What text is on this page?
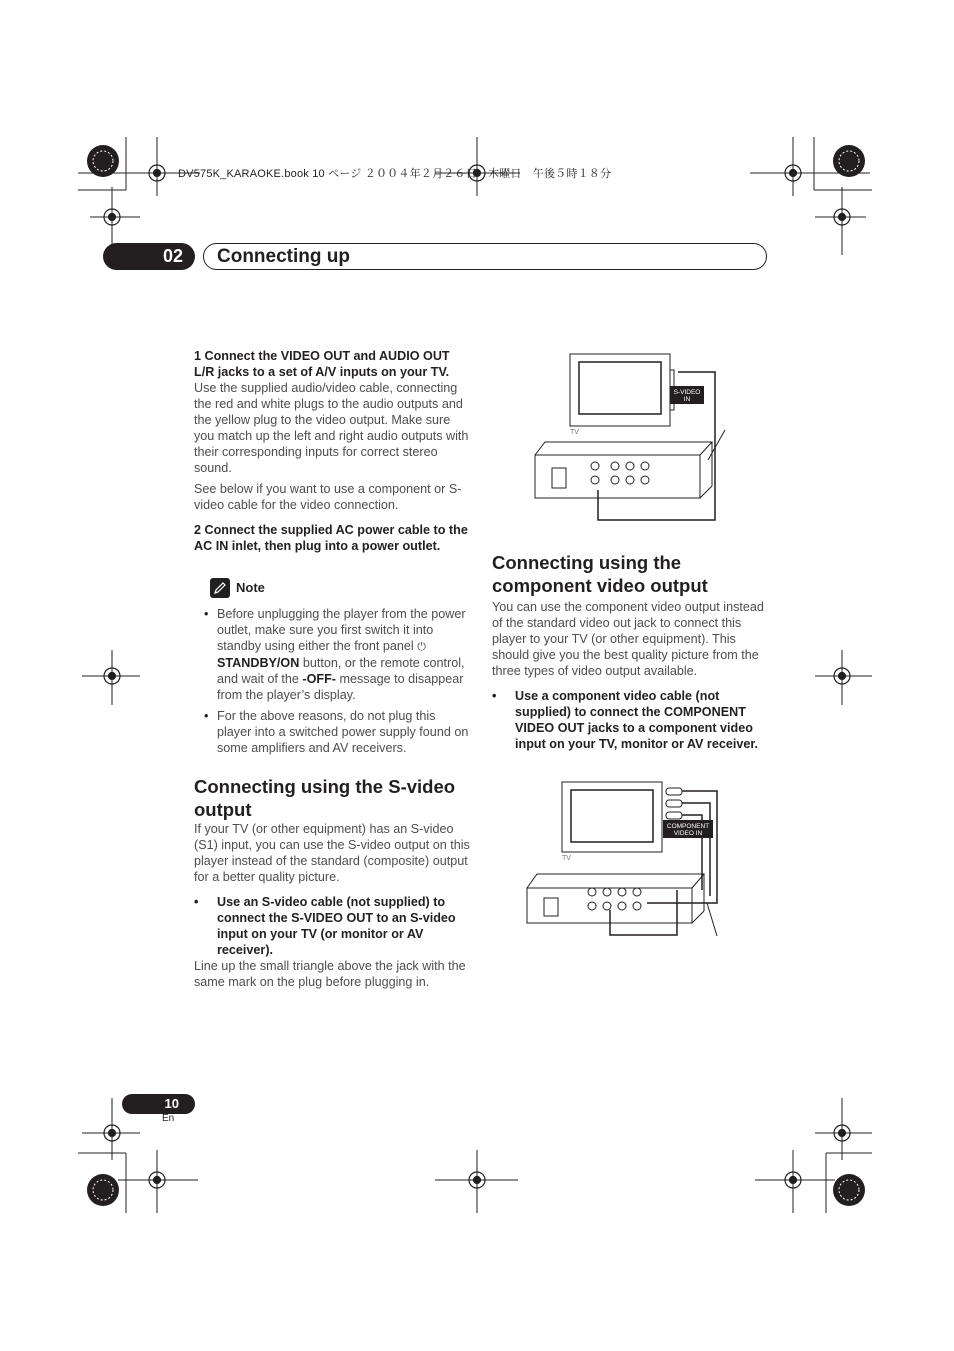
DV575K_KARAOKE.book 10 ページ ２００４年２月２６日　木曜日　午後５時１８分
02	Connecting up

1 Connect the VIDEO OUT and AUDIO OUT L/R jacks to a set of A/V inputs on your TV.

Use the supplied audio/video cable, connecting the red and white plugs to the audio outputs and the yellow plug to the video output. Make sure you match up the left and right audio outputs with their corresponding inputs for correct stereo sound.

See below if you want to use a component or S-video cable for the video connection.

2 Connect the supplied AC power cable to the AC IN inlet, then plug into a power outlet.

Note
• Before unplugging the player from the power outlet, make sure you first switch it into standby using either the front panel ⏻ STANDBY/ON button, or the remote control, and wait of the -OFF- message to disappear from the player’s display.
• For the above reasons, do not plug this player into a switched power supply found on some amplifiers and AV receivers.
Connecting using the S-video output

If your TV (or other equipment) has an S-video (S1) input, you can use the S-video output on this player instead of the standard (composite) output for a better quality picture.

• Use an S-video cable (not supplied) to connect the S-VIDEO OUT to an S-video input on your TV (or monitor or AV receiver).

Line up the small triangle above the jack with the same mark on the plug before plugging in.

S-VIDEO
IN
TV
Connecting using the component video output

You can use the component video output instead of the standard video out jack to connect this player to your TV (or other equipment). This should give you the best quality picture from the three types of video output available.

• Use a component video cable (not supplied) to connect the COMPONENT VIDEO OUT jacks to a component video input on your TV, monitor or AV receiver.

COMPONENT
VIDEO IN
TV
10
En
